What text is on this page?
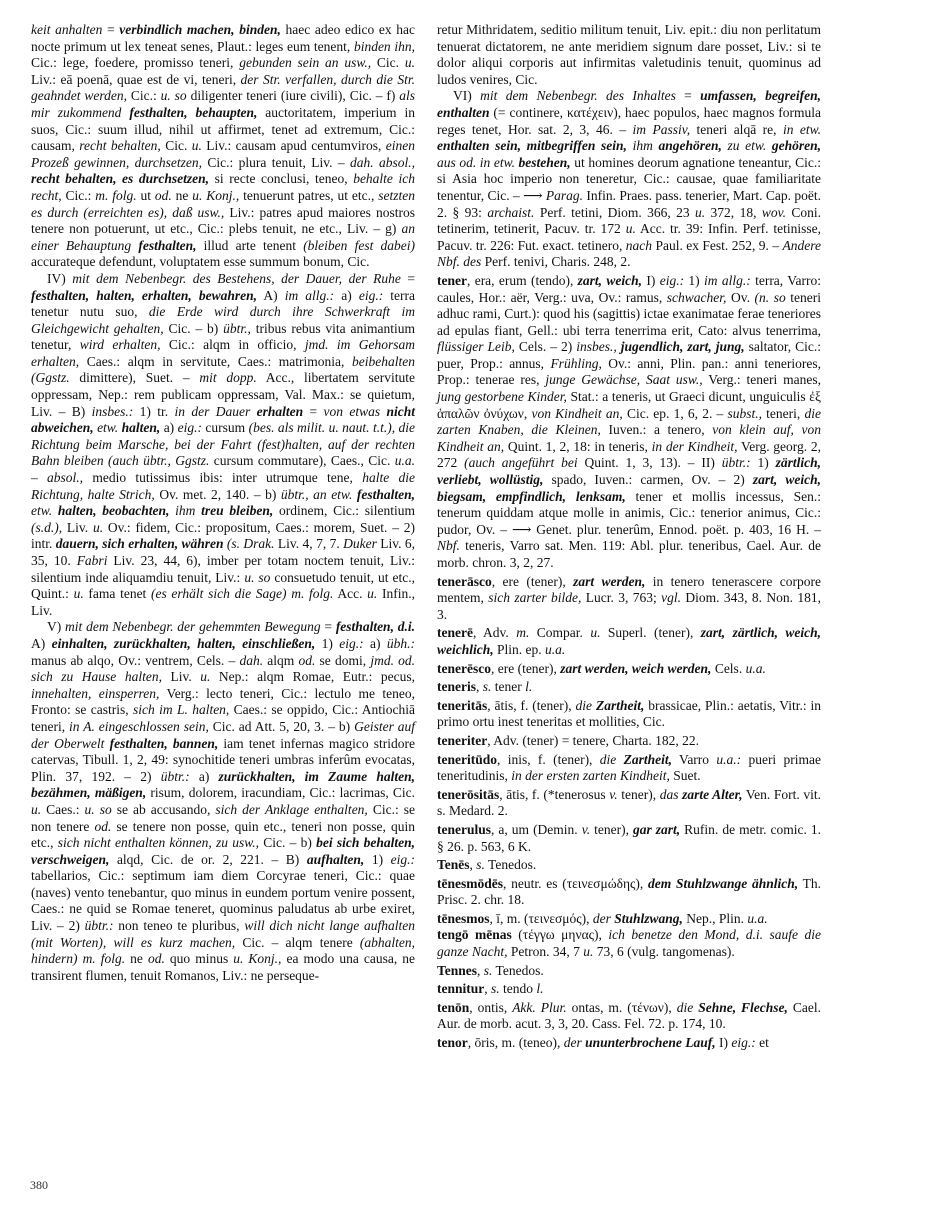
keit anhalten = verbindlich machen, binden, haec adeo edico ex hac nocte primum ut lex teneat senes, Plaut.: leges eum tenent, binden ihn, Cic.: lege, foedere, promisso teneri, gebunden sein an usw., Cic. u. Liv.: eā poenā, quae est de vi, teneri, der Str. verfallen, durch die Str. geahndet werden, Cic.: u. so diligenter teneri (iure civili), Cic. – f) als mir zukommend festhalten, behaupten, auctoritatem, imperium in suos, Cic.: suum illud, nihil ut affirmet, tenet ad extremum, Cic.: causam, recht behalten, Cic. u. Liv.: causam apud centumviros, einen Prozeß gewinnen, durchsetzen, Cic.: plura tenuit, Liv. – dah. absol., recht behalten, es durchsetzen, si recte conclusi, teneo, behalte ich recht, Cic.: m. folg. ut od. ne u. Konj., tenuerunt patres, ut etc., setzten es durch (erreichten es), daß usw., Liv.: patres apud maiores nostros tenere non potuerunt, ut etc., Cic.: plebs tenuit, ne etc., Liv. – g) an einer Behauptung festhalten, illud arte tenent (bleiben fest dabei) accurateque defendunt, voluptatem esse summum bonum, Cic.

IV) mit dem Nebenbegr. des Bestehens, der Dauer, der Ruhe = festhalten, halten, erhalten, bewahren, A) im allg.: a) eig.: terra tenetur nutu suo, die Erde wird durch ihre Schwerkraft im Gleichgewicht gehalten, Cic. – b) übtr., tribus rebus vita animantium tenetur, wird erhalten, Cic.: alqm in officio, jmd. im Gehorsam erhalten, Caes.: alqm in servitute, Caes.: matrimonia, beibehalten (Ggstz. dimittere), Suet. – mit dopp. Acc., libertatem servitute oppressam, Nep.: rem publicam oppressam, Val. Max.: se quietum, Liv. – B) insbes.: 1) tr. in der Dauer erhalten = von etwas nicht abweichen, etw. halten, a) eig.: cursum (bes. als milit. u. naut. t.t.), die Richtung beim Marsche, bei der Fahrt (fest)halten, auf der rechten Bahn bleiben (auch übtr., Ggstz. cursum commutare), Caes., Cic. u.a. – absol., medio tutissimus ibis: inter utrumque tene, halte die Richtung, halte Strich, Ov. met. 2, 140. – b) übtr., an etw. festhalten, etw. halten, beobachten, ihm treu bleiben, ordinem, Cic.: silentium (s.d.), Liv. u. Ov.: fidem, Cic.: propositum, Caes.: morem, Suet. – 2) intr. dauern, sich erhalten, währen (s. Drak. Liv. 4, 7, 7. Duker Liv. 6, 35, 10. Fabri Liv. 23, 44, 6), imber per totam noctem tenuit, Liv.: silentium inde aliquamdiu tenuit, Liv.: u. so consuetudo tenuit, ut etc., Quint.: u. fama tenet (es erhält sich die Sage) m. folg. Acc. u. Infin., Liv.

V) mit dem Nebenbegr. der gehemmten Bewegung = festhalten, d.i. A) einhalten, zurückhalten, halten, einschließen, 1) eig.: a) übh.: manus ab alqo, Ov.: ventrem, Cels. – dah. alqm od. se domi, jmd. od. sich zu Hause halten, Liv. u. Nep.: alqm Romae, Eutr.: pecus, innehalten, einsperren, Verg.: lecto teneri, Cic.: lectulo me teneo, Fronto: se castris, sich im L. halten, Caes.: se oppido, Cic.: Antiochiā teneri, in A. eingeschlossen sein, Cic. ad Att. 5, 20, 3. – b) Geister auf der Oberwelt festhalten, bannen, iam tenet infernas magico stridore catervas, Tibull. 1, 2, 49: synochitide teneri umbras inferûm evocatas, Plin. 37, 192. – 2) übtr.: a) zurückhalten, im Zaume halten, bezähmen, mäßigen, risum, dolorem, iracundiam, Cic.: lacrimas, Cic. u. Caes.: u. so se ab accusando, sich der Anklage enthalten, Cic.: se non tenere od. se tenere non posse, quin etc., teneri non posse, quin etc., sich nicht enthalten können, zu usw., Cic. – b) bei sich behalten, verschweigen, alqd, Cic. de or. 2, 221. – B) aufhalten, 1) eig.: tabellarios, Cic.: septimum iam diem Corcyrae teneri, Cic.: quae (naves) vento tenebantur, quo minus in eundem portum venire possent, Caes.: ne quid se Romae teneret, quominus paludatus ab urbe exiret, Liv. – 2) übtr.: non teneo te pluribus, will dich nicht lange aufhalten (mit Worten), will es kurz machen, Cic. – alqm tenere (abhalten, hindern) m. folg. ne od. quo minus u. Konj., ea modo una causa, ne transirent flumen, tenuit Romanos, Liv.: ne perseque-

retur Mithridatem, seditio militum tenuit, Liv. epit.: diu non perlitatum tenuerat dictatorem, ne ante meridiem signum dare posset, Liv.: si te dolor aliqui corporis aut infirmitas valetudinis tenuit, quominus ad ludos venires, Cic.

VI) mit dem Nebenbegr. des Inhaltes = umfassen, begreifen, enthalten (= continere, κατέχειν), haec populos, haec magnos formula reges tenet, Hor. sat. 2, 3, 46. – im Passiv, teneri alqā re, in etw. enthalten sein, mitbegriffen sein, ihm angehören, zu etw. gehören, aus od. in etw. bestehen, ut homines deorum agnatione teneantur, Cic.: si Asia hoc imperio non teneretur, Cic.: causae, quae familiaritate tenentur, Cic. – ⟶ Parag. Infin. Praes. pass. tenerier, Mart. Cap. poët. 2. § 93: archaist. Perf. tetini, Diom. 366, 23 u. 372, 18, wov. Coni. tetinerim, tetinerit, Pacuv. tr. 172 u. Acc. tr. 39: Infin. Perf. tetinisse, Pacuv. tr. 226: Fut. exact. tetinero, nach Paul. ex Fest. 252, 9. – Andere Nbf. des Perf. tenivi, Charis. 248, 2.

tener, era, erum (tendo), zart, weich, I) eig.: 1) im allg.: terra, Varro: caules, Hor.: aër, Verg.: uva, Ov.: ramus, schwacher, Ov. (n. so teneri adhuc rami, Curt.): quod his (sagittis) ictae exanimatae ferae teneriores ad epulas fiant, Gell.: ubi terra tenerrima erit, Cato: alvus tenerrima, flüssiger Leib, Cels. – 2) insbes., jugendlich, zart, jung, saltator, Cic.: puer, Prop.: annus, Frühling, Ov.: anni, Plin. pan.: anni teneriores, Prop.: tenerae res, junge Gewächse, Saat usw., Verg.: teneri manes, jung gestorbene Kinder, Stat.: a teneris, ut Graeci dicunt, unguiculis ἐξ ἁπαλῶν ὀνύχων, von Kindheit an, Cic. ep. 1, 6, 2. – subst., teneri, die zarten Knaben, die Kleinen, Iuven.: a tenero, von klein auf, von Kindheit an, Quint. 1, 2, 18: in teneris, in der Kindheit, Verg. georg. 2, 272 (auch angeführt bei Quint. 1, 3, 13). – II) übtr.: 1) zärtlich, verliebt, wollüstig, spado, Iuven.: carmen, Ov. – 2) zart, weich, biegsam, empfindlich, lenksam, tener et mollis incessus, Sen.: tenerum quiddam atque molle in animis, Cic.: tenerior animus, Cic.: pudor, Ov. – ⟶ Genet. plur. tenerûm, Ennod. poët. p. 403, 16 H. – Nbf. teneris, Varro sat. Men. 119: Abl. plur. teneribus, Cael. Aur. de morb. chron. 3, 2, 27.

tenerāsco, ere (tener), zart werden, in tenero tenerascere corpore mentem, sich zarter bilde, Lucr. 3, 763; vgl. Diom. 343, 8. Non. 181, 3.

tenerē, Adv. m. Compar. u. Superl. (tener), zart, zärtlich, weich, weichlich, Plin. ep. u.a.

tenerēsco, ere (tener), zart werden, weich werden, Cels. u.a.

teneris, s. tener l.

teneritās, ātis, f. (tener), die Zartheit, brassicae, Plin.: aetatis, Vitr.: in primo ortu inest teneritas et mollities, Cic.

teneriter, Adv. (tener) = tenere, Charta. 182, 22.

teneritūdo, inis, f. (tener), die Zartheit, Varro u.a.: pueri primae teneritudinis, in der ersten zarten Kindheit, Suet.

tenerōsitās, ātis, f. (*tenerosus v. tener), das zarte Alter, Ven. Fort. vit. s. Medard. 2.

tenerulus, a, um (Demin. v. tener), gar zart, Rufin. de metr. comic. 1. § 26. p. 563, 6 K.

Tenēs, s. Tenedos.

tēnesmōdēs, neutr. es (τεινεσμώδης), dem Stuhlzwange ähnlich, Th. Prisc. 2. chr. 18.

tēnesmos, ī, m. (τεινεσμός), der Stuhlzwang, Nep., Plin. u.a.

tengō mēnas (τέγγω μηνας), ich benetze den Mond, d.i. saufe die ganze Nacht, Petron. 34, 7 u. 73, 6 (vulg. tangomenas).

Tennes, s. Tenedos.

tennitur, s. tendo l.

tenōn, ontis, Akk. Plur. ontas, m. (τένων), die Sehne, Flechse, Cael. Aur. de morb. acut. 3, 3, 20. Cass. Fel. 72. p. 174, 10.

tenor, ōris, m. (teneo), der ununterbrochene Lauf, I) eig.: et

380
